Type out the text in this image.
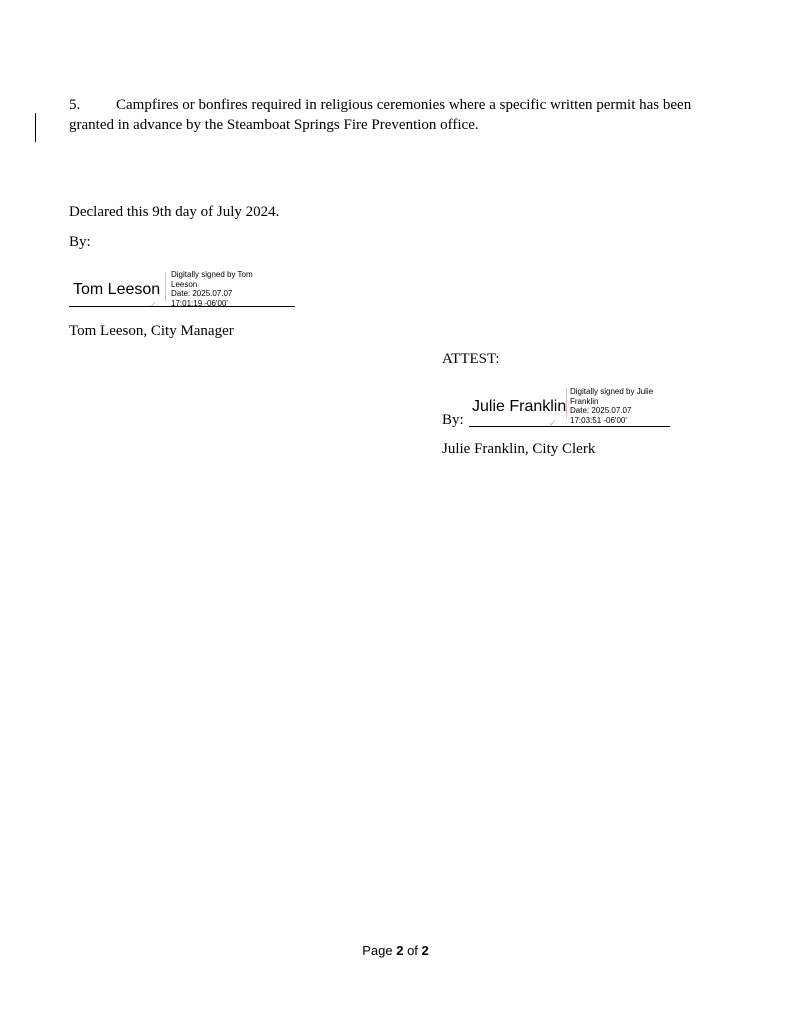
5. Campfires or bonfires required in religious ceremonies where a specific written permit has been
granted in advance by the Steamboat Springs Fire Prevention office.
Declared this 9th day of July 2024.
By:
Tom Leeson
Digitally signed by Tom
Leeson
Date: 2025.07.07
17:01:19 -06'00'
✓
Tom Leeson, City Manager
ATTEST:
By:
Julie Franklin
Digitally signed by Julie
Franklin
Date: 2025.07.07
17:03:51 -06'00'
✓
Julie Franklin, City Clerk
Page 2 of 2
